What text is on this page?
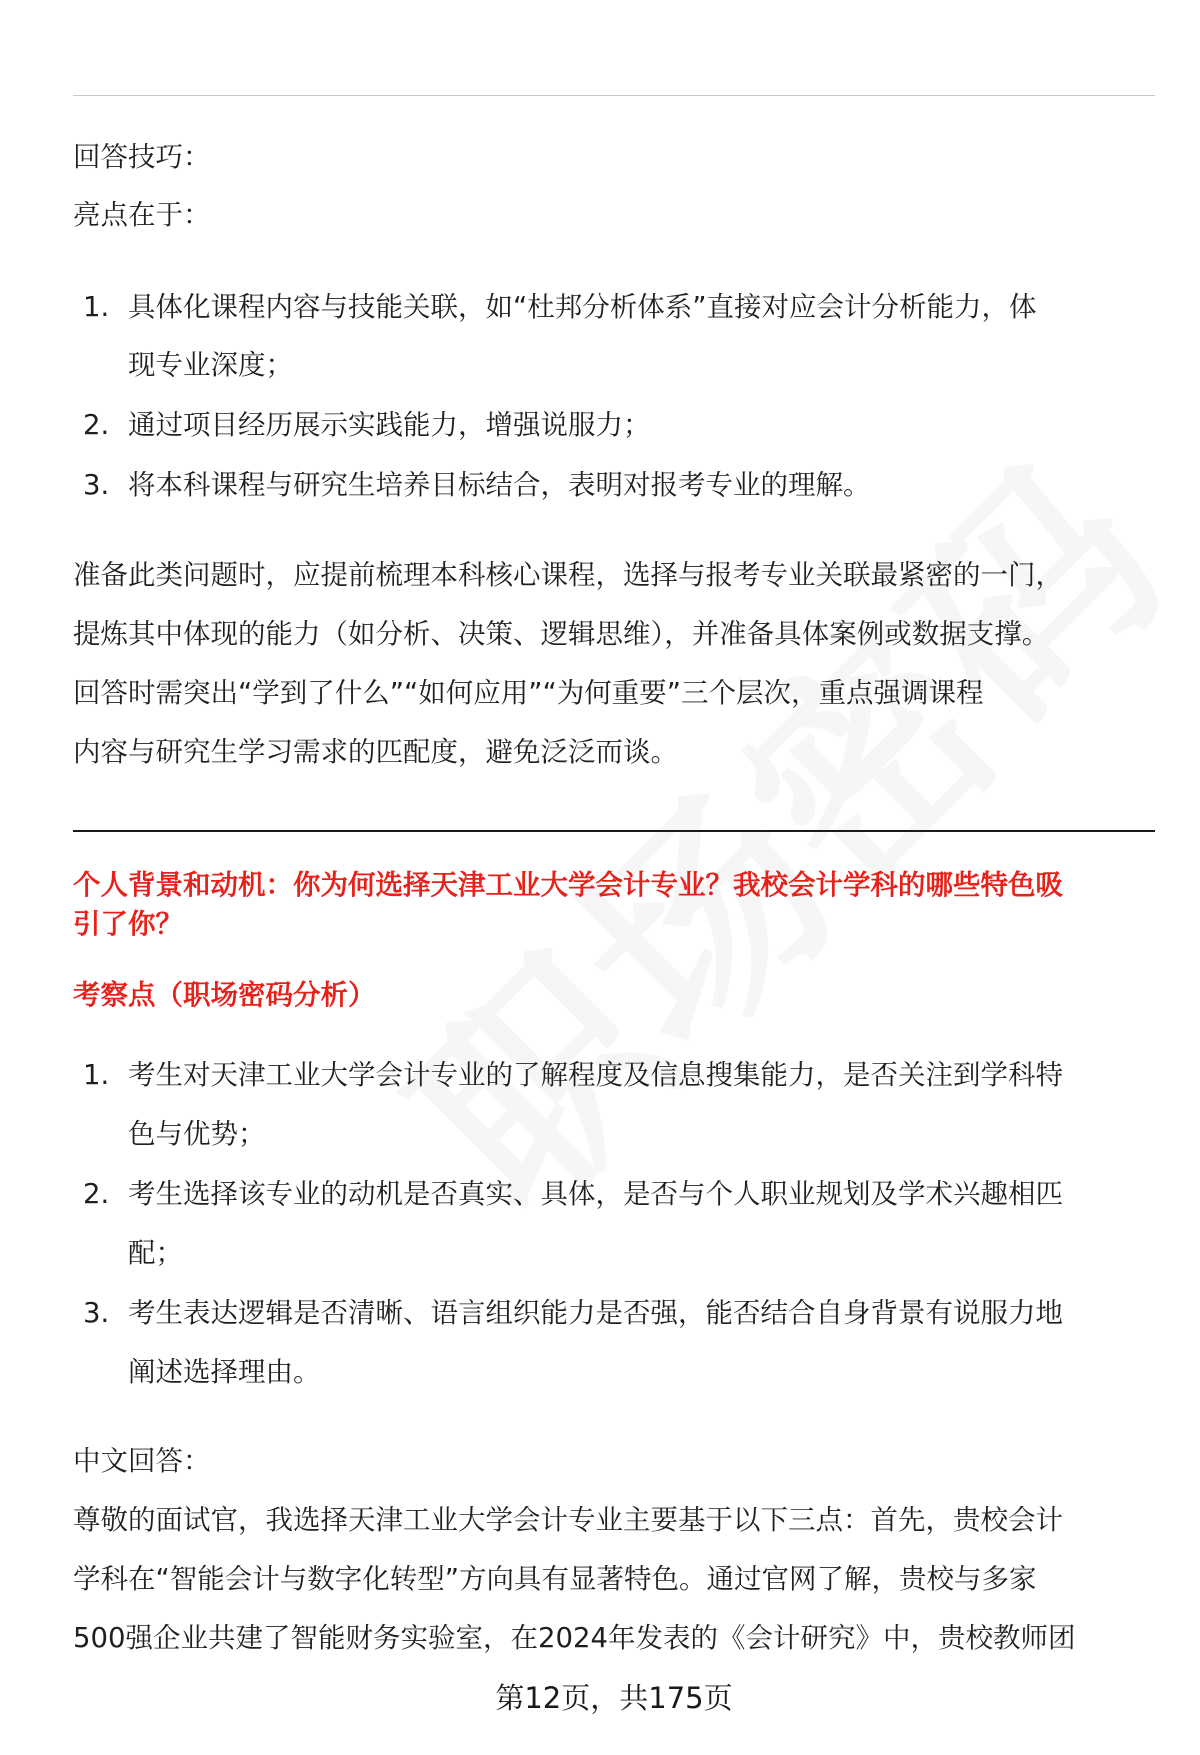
回答技巧：
亮点在于：
1. 具体化课程内容与技能关联，如“杜邦分析体系”直接对应会计分析能力，体
现专业深度；
2. 通过项目经历展示实践能力，增强说服力；
3. 将本科课程与研究生培养目标结合，表明对报考专业的理解。
准备此类问题时，应提前梳理本科核心课程，选择与报考专业关联最紧密的一门，
提炼其中体现的能力（如分析、决策、逻辑思维），并准备具体案例或数据支撑。
回答时需突出“学到了什么”“如何应用”“为何重要”三个层次，重点强调课程
内容与研究生学习需求的匹配度，避免泛泛而谈。
个人背景和动机：你为何选择天津工业大学会计专业？我校会计学科的哪些特色吸
引了你？
考察点（职场密码分析）
1. 考生对天津工业大学会计专业的了解程度及信息搜集能力，是否关注到学科特
色与优势；
2. 考生选择该专业的动机是否真实、具体，是否与个人职业规划及学术兴趣相匹
配；
3. 考生表达逻辑是否清晰、语言组织能力是否强，能否结合自身背景有说服力地
阐述选择理由。
中文回答：
尊敬的面试官，我选择天津工业大学会计专业主要基于以下三点：首先，贵校会计
学科在“智能会计与数字化转型”方向具有显著特色。通过官网了解，贵校与多家
500强企业共建了智能财务实验室，在2024年发表的《会计研究》中，贵校教师团
第12页，共175页
